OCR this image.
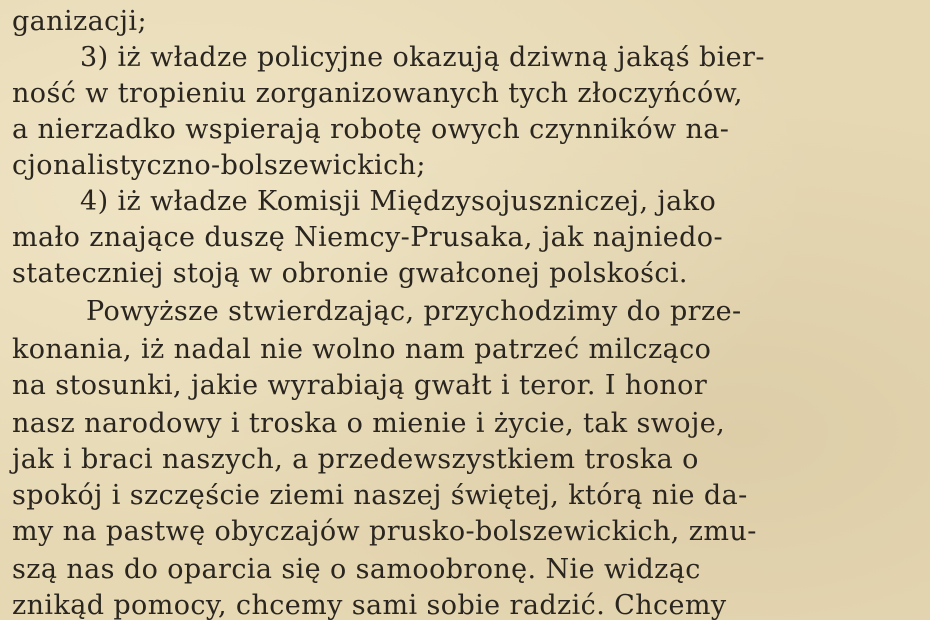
ganizacji;
3) iż władze policyjne okazują dziwną jakąś bier-
ność w tropieniu zorganizowanych tych złoczyńców,
a nierzadko wspierają robotę owych czynników na-
cjonalistyczno-bolszewickich;
4) iż władze Komisji Międzysojuszniczej, jako
mało znające duszę Niemcy-Prusaka, jak najniedo-
stateczniej stoją w obronie gwałconej polskości.
Powyższe stwierdzając, przychodzimy do prze-
konania, iż nadal nie wolno nam patrzeć milcząco
na stosunki, jakie wyrabiają gwałt i teror. I honor
nasz narodowy i troska o mienie i życie, tak swoje,
jak i braci naszych, a przedewszystkiem troska o
spokój i szczęście ziemi naszej świętej, którą nie da-
my na pastwę obyczajów prusko-bolszewickich, zmu-
szą nas do oparcia się o samoobronę. Nie widząc
znikąd pomocy, chcemy sami sobie radzić. Chcemy
